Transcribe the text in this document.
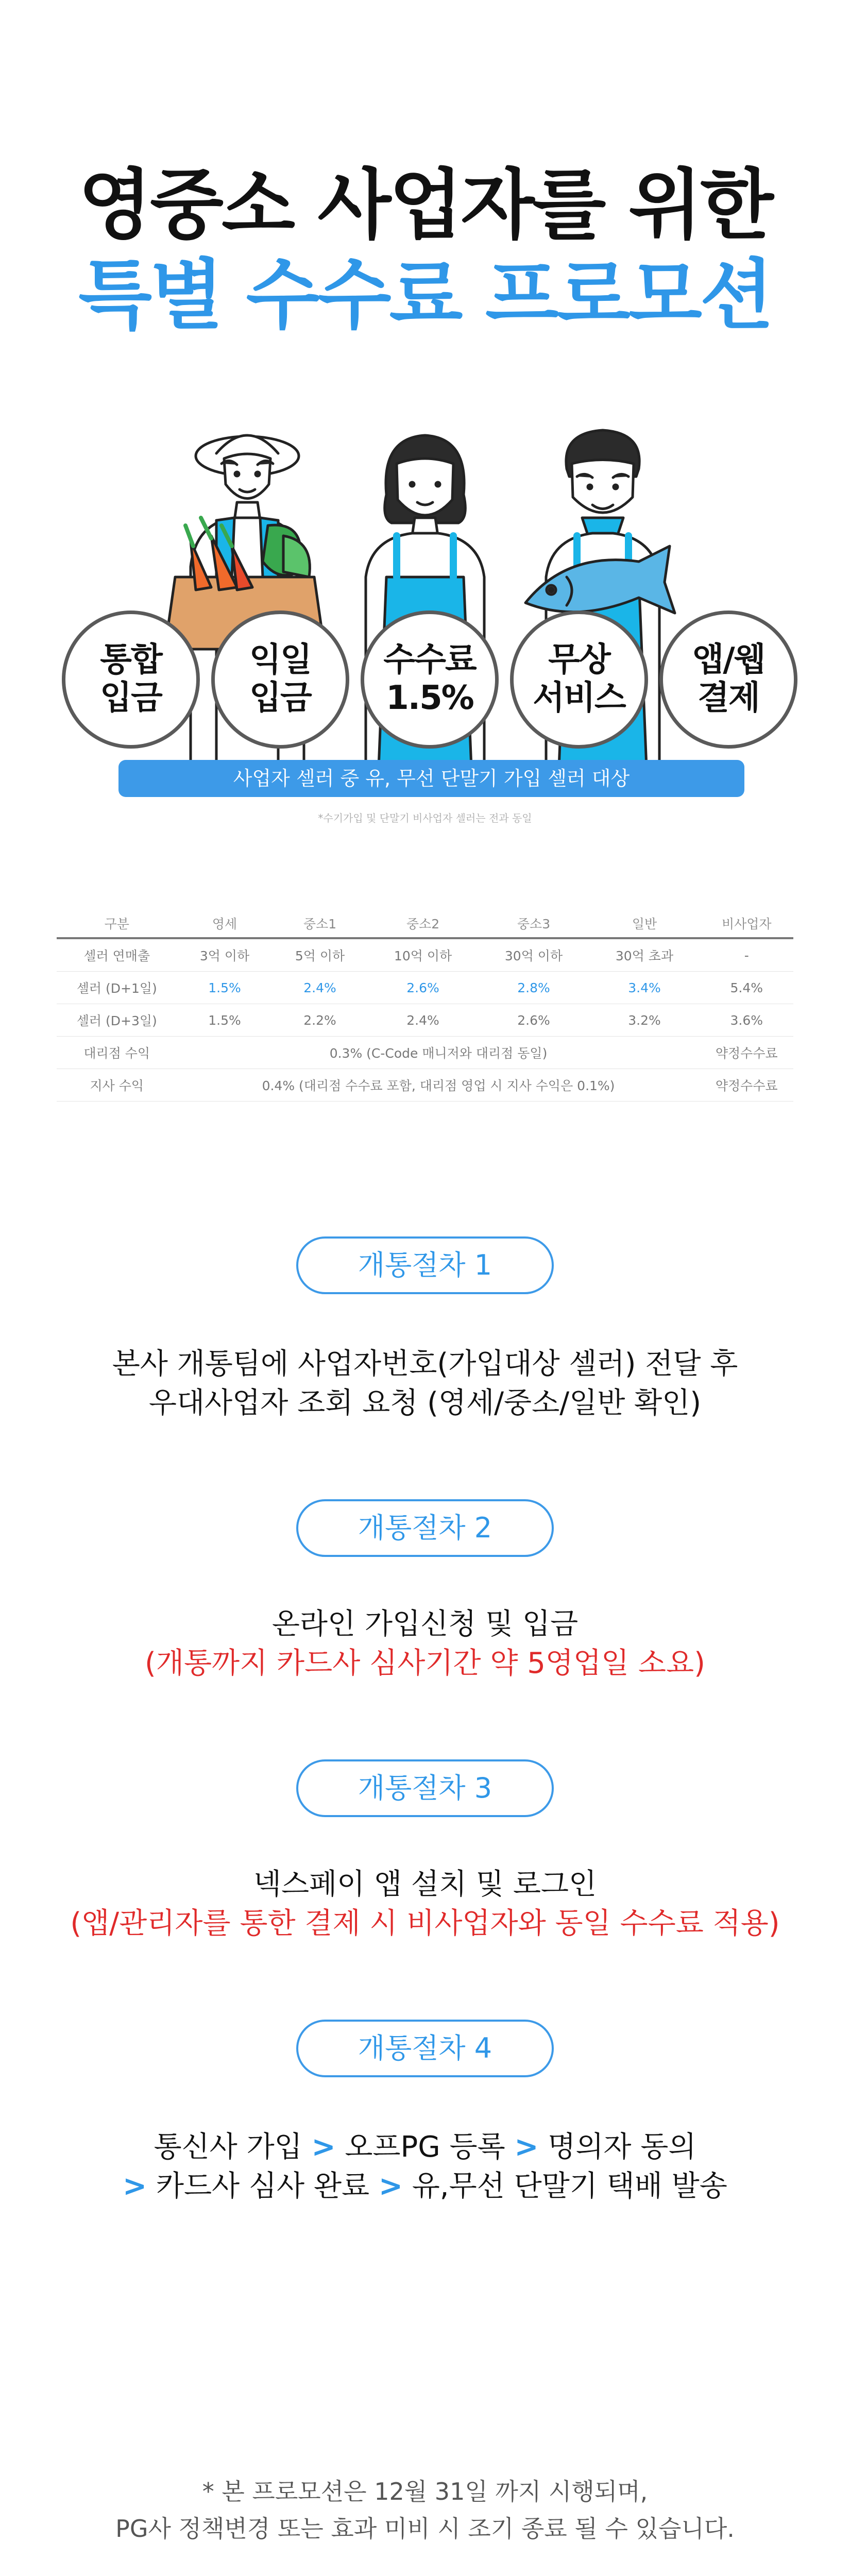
영중소 사업자를 위한
특별 수수료 프로모션
통합
입금
익일
입금
수수료
1.5%
무상
서비스
앱/웹
결제
사업자 셀러 중 유, 무선 단말기 가입 셀러 대상
*수기가입 및 단말기 비사업자 셀러는 전과 동일
구분	영세	중소1	중소2	중소3	일반	비사업자
셀러 연매출	3억 이하	5억 이하	10억 이하	30억 이하	30억 초과	-
셀러 (D+1일)	1.5%	2.4%	2.6%	2.8%	3.4%	5.4%
셀러 (D+3일)	1.5%	2.2%	2.4%	2.6%	3.2%	3.6%
대리점 수익	0.3% (C-Code 매니저와 대리점 동일)					약정수수료
지사 수익	0.4% (대리점 수수료 포함, 대리점 영업 시 지사 수익은 0.1%)					약정수수료
개통절차 1
본사 개통팀에 사업자번호(가입대상 셀러) 전달 후
우대사업자 조회 요청 (영세/중소/일반 확인)
개통절차 2
온라인 가입신청 및 입금
(개통까지 카드사 심사기간 약 5영업일 소요)
개통절차 3
넥스페이 앱 설치 및 로그인
(앱/관리자를 통한 결제 시 비사업자와 동일 수수료 적용)
개통절차 4
통신사 가입 > 오프PG 등록 > 명의자 동의
> 카드사 심사 완료 > 유,무선 단말기 택배 발송
* 본 프로모션은 12월 31일 까지 시행되며,
PG사 정책변경 또는 효과 미비 시 조기 종료 될 수 있습니다.
